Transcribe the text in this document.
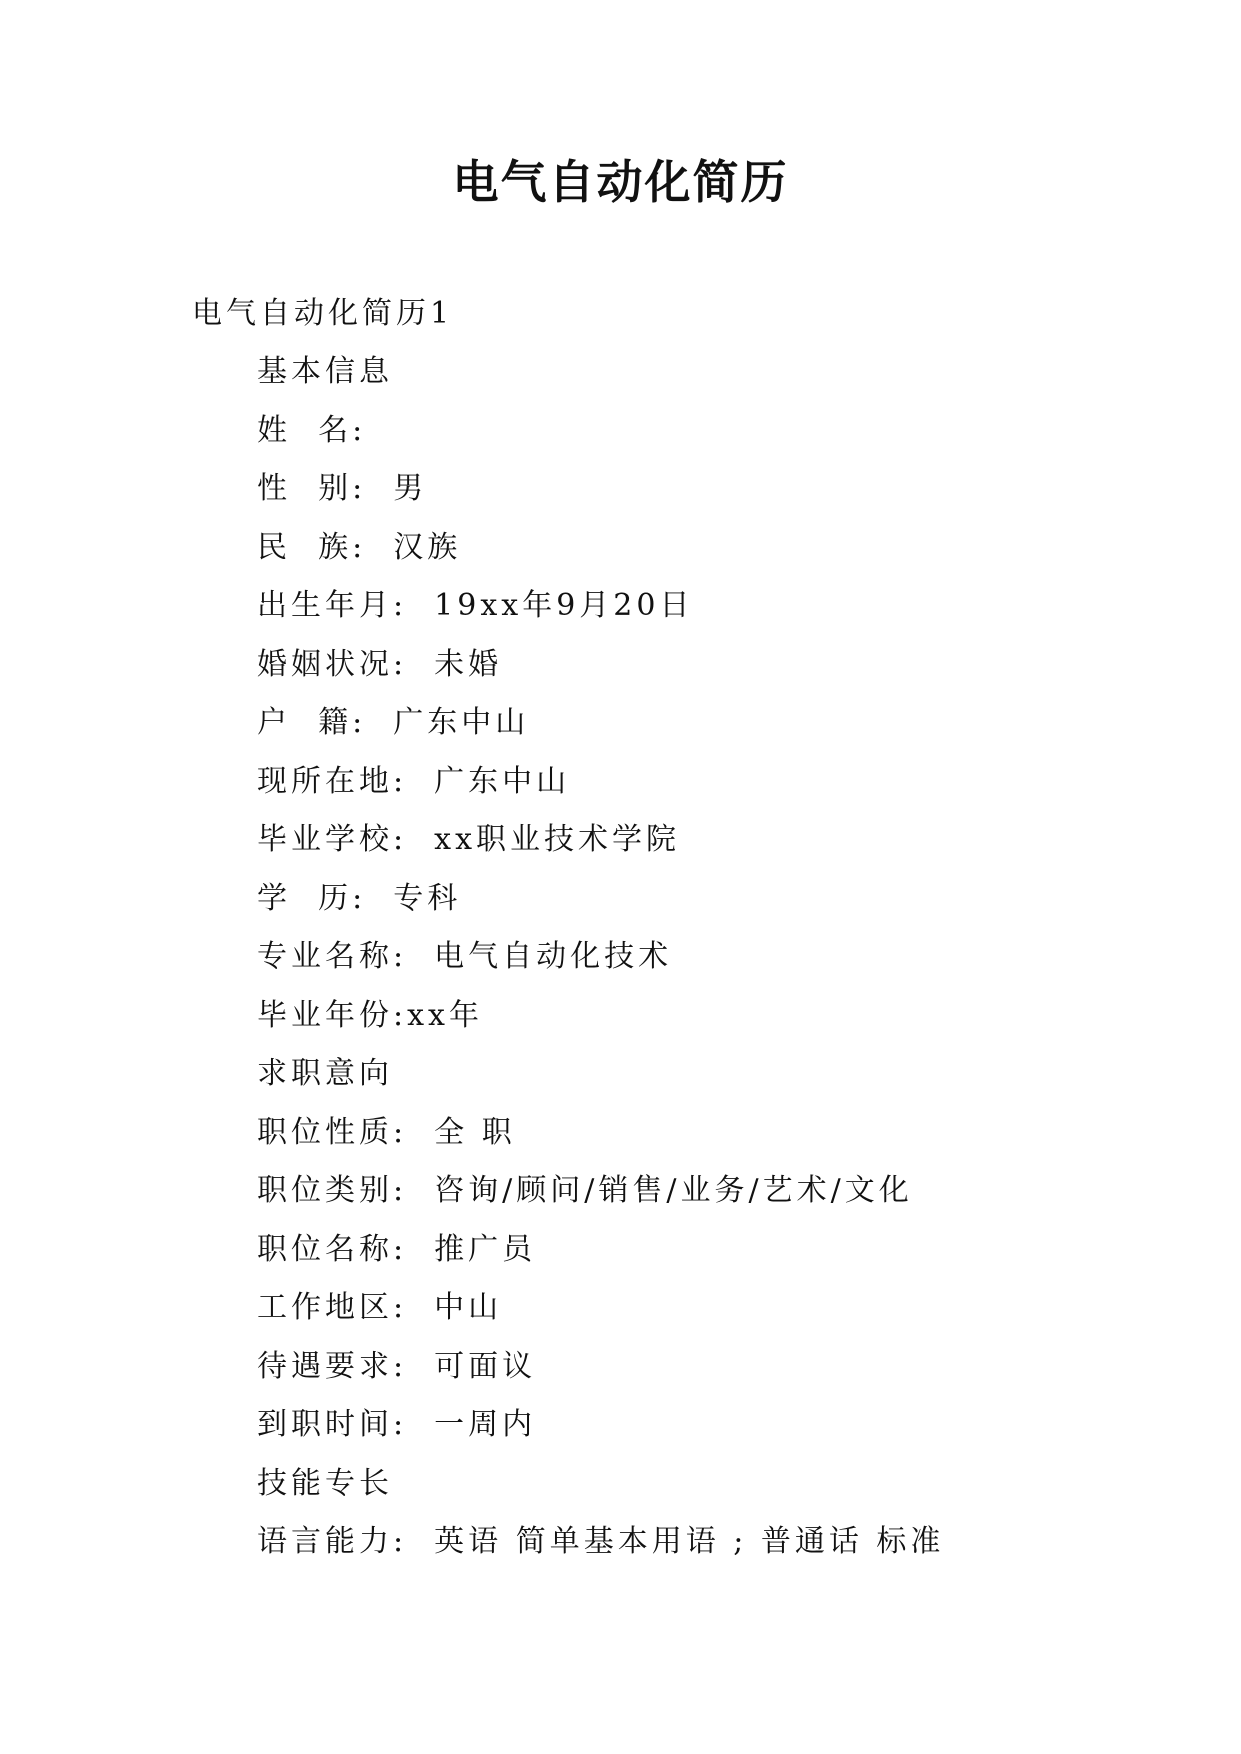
电气自动化简历
电气自动化简历1
基本信息
姓  名:
性  别:  男
民  族:  汉族
出生年月:  19xx年9月20日
婚姻状况:  未婚
户  籍:  广东中山
现所在地:  广东中山
毕业学校:  xx职业技术学院
学  历:  专科
专业名称:  电气自动化技术
毕业年份:xx年
求职意向
职位性质:  全 职
职位类别:  咨询/顾问/销售/业务/艺术/文化
职位名称:  推广员
工作地区:  中山
待遇要求:  可面议
到职时间:  一周内
技能专长
语言能力:  英语 简单基本用语 ; 普通话 标准
